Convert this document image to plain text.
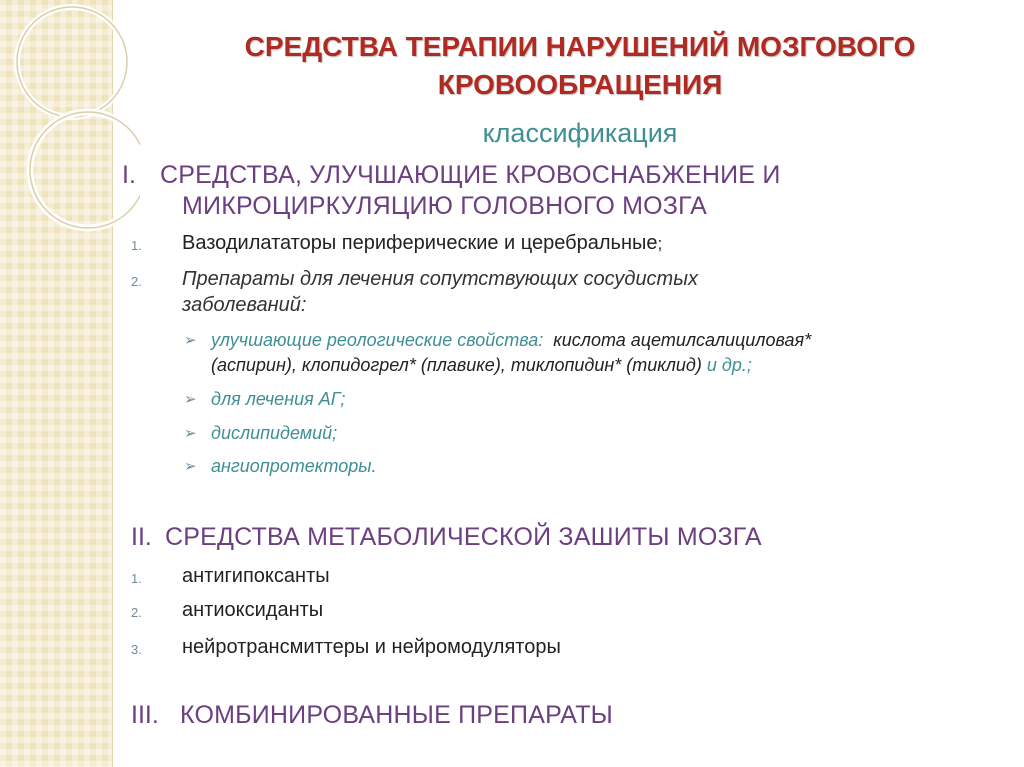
СРЕДСТВА ТЕРАПИИ НАРУШЕНИЙ МОЗГОВОГО
КРОВООБРАЩЕНИЯ
классификация
I. СРЕДСТВА, УЛУЧШАЮЩИЕ КРОВОСНАБЖЕНИЕ И
МИКРОЦИРКУЛЯЦИЮ ГОЛОВНОГО МОЗГА
1. Вазодилататоры периферические и церебральные;
2. Препараты для лечения сопутствующих сосудистых
заболеваний:
➢ улучшающие реологические свойства: кислота ацетилсалициловая*
(аспирин), клопидогрел* (плавике), тиклопидин* (тиклид) и др.;
➢ для лечения АГ;
➢ дислипидемий;
➢ ангиопротекторы.
II. СРЕДСТВА МЕТАБОЛИЧЕСКОЙ ЗАШИТЫ МОЗГА
1. антигипоксанты
2. антиоксиданты
3. нейротрансмиттеры и нейромодуляторы
III. КОМБИНИРОВАННЫЕ ПРЕПАРАТЫ
